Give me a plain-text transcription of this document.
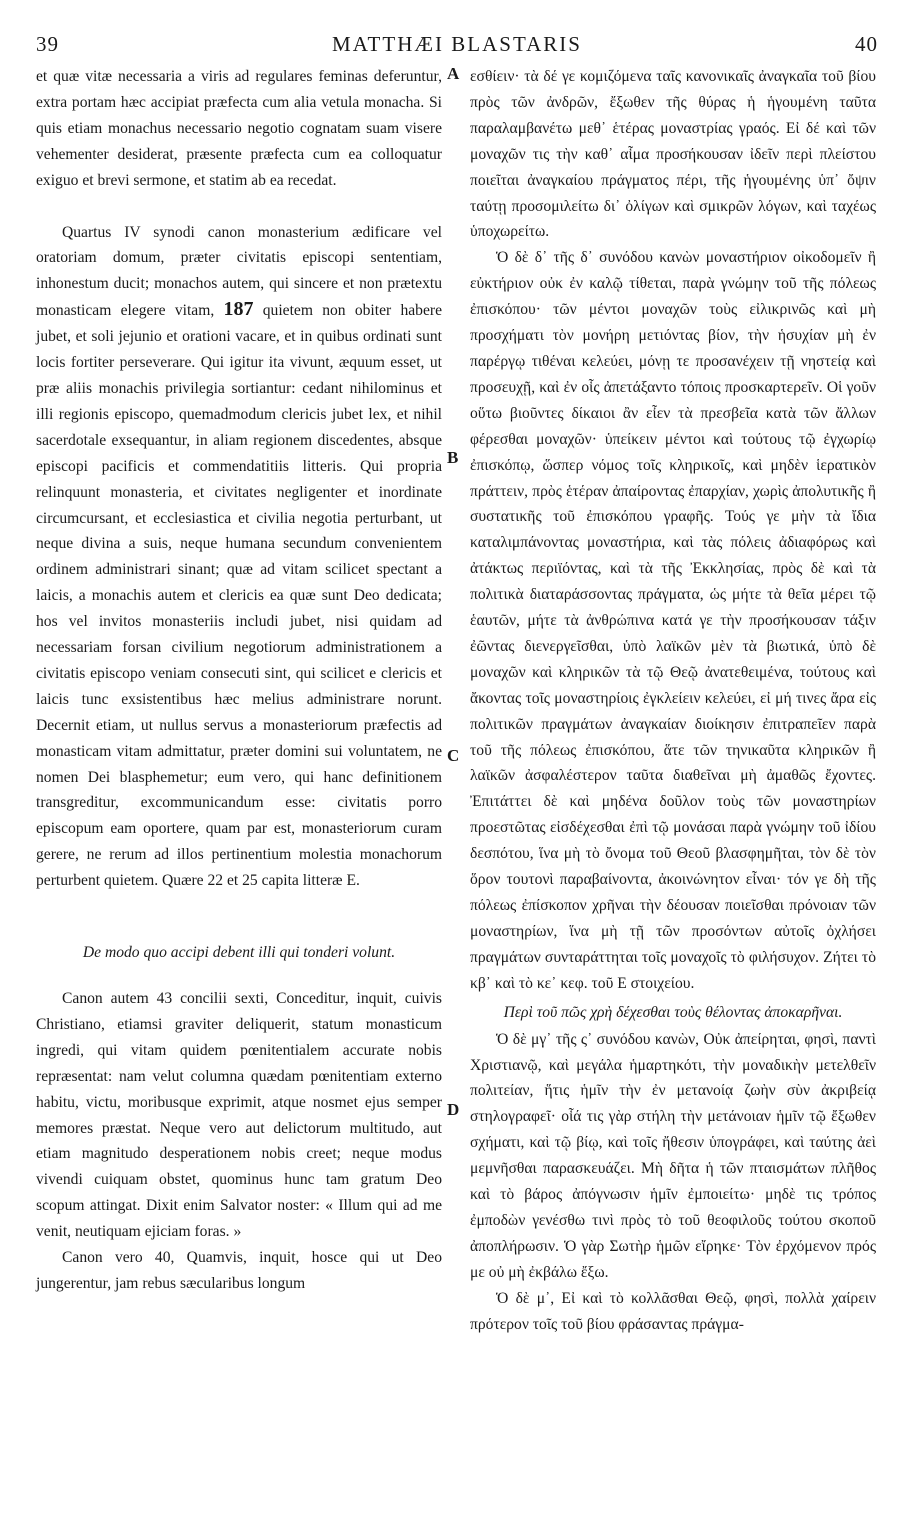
39	MATTHÆI BLASTARIS	40
A
B
C
D

et quæ vitæ necessaria a viris ad regulares feminas deferuntur, extra portam hæc accipiat præfecta cum alia vetula monacha. Si quis etiam monachus necessario negotio cognatam suam visere vehementer desiderat, præsente præfecta cum ea colloquatur exiguo et brevi sermone, et statim ab ea recedat.

Quartus IV synodi canon monasterium ædificare vel oratoriam domum, præter civitatis episcopi sententiam, inhonestum ducit; monachos autem, qui sincere et non prætextu monasticam elegere vitam, 187 quietem non obiter habere jubet, et soli jejunio et orationi vacare, et in quibus ordinati sunt locis fortiter perseverare. Qui igitur ita vivunt, æquum esset, ut præ aliis monachis privilegia sortiantur: cedant nihilominus et illi regionis episcopo, quemadmodum clericis jubet lex, et nihil sacerdotale exsequantur, in aliam regionem discedentes, absque episcopi pacificis et commendatitiis litteris. Qui propria relinquunt monasteria, et civitates negligenter et inordinate circumcursant, et ecclesiastica et civilia negotia perturbant, ut neque divina a suis, neque humana secundum convenientem ordinem administrari sinant; quæ ad vitam scilicet spectant a laicis, a monachis autem et clericis ea quæ sunt Deo dedicata; hos vel invitos monasteriis includi jubet, nisi quidam ad necessariam forsan civilium negotiorum administrationem a civitatis episcopo veniam consecuti sint, qui scilicet e clericis et laicis tunc exsistentibus hæc melius administrare norunt. Decernit etiam, ut nullus servus a monasteriorum præfectis ad monasticam vitam admittatur, præter domini sui voluntatem, ne nomen Dei blasphemetur; eum vero, qui hanc definitionem transgreditur, excommunicandum esse: civitatis porro episcopum eam oportere, quam par est, monasteriorum curam gerere, ne rerum ad illos pertinentium molestia monachorum perturbent quietem. Quære 22 et 25 capita litteræ E.

De modo quo accipi debent illi qui tonderi volunt.

Canon autem 43 concilii sexti, Conceditur, inquit, cuivis Christiano, etiamsi graviter deliquerit, statum monasticum ingredi, qui vitam quidem pœnitentialem accurate nobis repræsentat: nam velut columna quædam pœnitentiam externo habitu, victu, moribusque exprimit, atque nosmet ejus semper memores præstat. Neque vero aut delictorum multitudo, aut etiam magnitudo desperationem nobis creet; neque modus vivendi cuiquam obstet, quominus hunc tam gratum Deo scopum attingat. Dixit enim Salvator noster: « Illum qui ad me venit, neutiquam ejiciam foras. »

Canon vero 40, Quamvis, inquit, hosce qui ut Deo jungerentur, jam rebus sæcularibus longum

εσθίειν· τὰ δέ γε κομιζόμενα ταῖς κανονικαῖς ἀναγκαῖα τοῦ βίου πρὸς τῶν ἀνδρῶν, ἔξωθεν τῆς θύρας ἡ ἡγουμένη ταῦτα παραλαμβανέτω μεθ᾽ ἑτέρας μοναστρίας γραός. Εἰ δέ καὶ τῶν μοναχῶν τις τὴν καθ᾽ αἷμα προσήκουσαν ἰδεῖν περὶ πλείστου ποιεῖται ἀναγκαίου πράγματος πέρι, τῆς ἡγουμένης ὑπ᾽ ὄψιν ταύτῃ προσομιλείτω δι᾽ ὀλίγων καὶ σμικρῶν λόγων, καὶ ταχέως ὑποχωρείτω.

Ὁ δὲ δ᾽ τῆς δ᾽ συνόδου κανὼν μοναστήριον οἰκοδομεῖν ἢ εὐκτήριον οὐκ ἐν καλῷ τίθεται, παρὰ γνώμην τοῦ τῆς πόλεως ἐπισκόπου· τῶν μέντοι μοναχῶν τοὺς εἰλικρινῶς καὶ μὴ προσχήματι τὸν μονήρη μετιόντας βίον, τὴν ἡσυχίαν μὴ ἐν παρέργῳ τιθέναι κελεύει, μόνῃ τε προσανέχειν τῇ νηστείᾳ καὶ προσευχῇ, καὶ ἐν οἷς ἀπετάξαντο τόποις προσκαρτερεῖν. Οἱ γοῦν οὕτω βιοῦντες δίκαιοι ἂν εἶεν τὰ πρεσβεῖα κατὰ τῶν ἄλλων φέρεσθαι μοναχῶν· ὑπείκειν μέντοι καὶ τούτους τῷ ἐγχωρίῳ ἐπισκόπῳ, ὥσπερ νόμος τοῖς κληρικοῖς, καὶ μηδὲν ἱερατικὸν πράττειν, πρὸς ἑτέραν ἀπαίροντας ἐπαρχίαν, χωρὶς ἀπολυτικῆς ἢ συστατικῆς τοῦ ἐπισκόπου γραφῆς. Τούς γε μὴν τὰ ἴδια καταλιμπάνοντας μοναστήρια, καὶ τὰς πόλεις ἀδιαφόρως καὶ ἀτάκτως περιϊόντας, καὶ τὰ τῆς Ἐκκλησίας, πρὸς δὲ καὶ τὰ πολιτικὰ διαταράσσοντας πράγματα, ὡς μήτε τὰ θεῖα μέρει τῷ ἑαυτῶν, μήτε τὰ ἀνθρώπινα κατά γε τὴν προσήκουσαν τάξιν ἐῶντας διενεργεῖσθαι, ὑπὸ λαϊκῶν μὲν τὰ βιωτικά, ὑπὸ δὲ μοναχῶν καὶ κληρικῶν τὰ τῷ Θεῷ ἀνατεθειμένα, τούτους καὶ ἄκοντας τοῖς μοναστηρίοις ἐγκλείειν κελεύει, εἰ μή τινες ἄρα εἰς πολιτικῶν πραγμάτων ἀναγκαίαν διοίκησιν ἐπιτραπεῖεν παρὰ τοῦ τῆς πόλεως ἐπισκόπου, ἅτε τῶν τηνικαῦτα κληρικῶν ἢ λαϊκῶν ἀσφαλέστερον ταῦτα διαθεῖναι μὴ ἀμαθῶς ἔχοντες. Ἐπιτάττει δὲ καὶ μηδένα δοῦλον τοὺς τῶν μοναστηρίων προεστῶτας εἰσδέχεσθαι ἐπὶ τῷ μονάσαι παρὰ γνώμην τοῦ ἰδίου δεσπότου, ἵνα μὴ τὸ ὄνομα τοῦ Θεοῦ βλασφημῆται, τὸν δὲ τὸν ὅρον τουτονὶ παραβαίνοντα, ἀκοινώνητον εἶναι· τόν γε δὴ τῆς πόλεως ἐπίσκοπον χρῆναι τὴν δέουσαν ποιεῖσθαι πρόνοιαν τῶν μοναστηρίων, ἵνα μὴ τῇ τῶν προσόντων αὐτοῖς ὀχλήσει πραγμάτων συνταράττηται τοῖς μοναχοῖς τὸ φιλήσυχον. Ζήτει τὸ κβ᾽ καὶ τὸ κε᾽ κεφ. τοῦ Ε στοιχείου.

Περὶ τοῦ πῶς χρὴ δέχεσθαι τοὺς θέλοντας ἀποκαρῆναι.

Ὁ δὲ μγ᾽ τῆς ς᾽ συνόδου κανὼν, Οὐκ ἀπείρηται, φησὶ, παντὶ Χριστιανῷ, καὶ μεγάλα ἡμαρτηκότι, τὴν μοναδικὴν μετελθεῖν πολιτείαν, ἥτις ἡμῖν τὴν ἐν μετανοίᾳ ζωὴν σὺν ἀκριβείᾳ στηλογραφεῖ· οἷά τις γὰρ στήλη τὴν μετάνοιαν ἡμῖν τῷ ἔξωθεν σχήματι, καὶ τῷ βίῳ, καὶ τοῖς ἤθεσιν ὑπογράφει, καὶ ταύτης ἀεὶ μεμνῆσθαι παρασκευάζει. Μὴ δῆτα ἡ τῶν πταισμάτων πλῆθος καὶ τὸ βάρος ἀπόγνωσιν ἡμῖν ἐμποιείτω· μηδὲ τις τρόπος ἐμποδὼν γενέσθω τινὶ πρὸς τὸ τοῦ θεοφιλοῦς τούτου σκοποῦ ἀποπλήρωσιν. Ὁ γὰρ Σωτὴρ ἡμῶν εἴρηκε· Τὸν ἐρχόμενον πρός με οὐ μὴ ἐκβάλω ἔξω.

Ὁ δὲ μ᾽, Εἰ καὶ τὸ κολλᾶσθαι Θεῷ, φησὶ, πολλὰ χαίρειν πρότερον τοῖς τοῦ βίου φράσαντας πράγμα-
